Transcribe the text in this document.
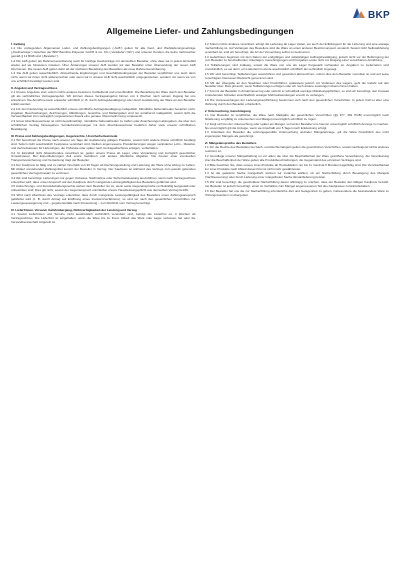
BKP
Allgemeine Liefer- und Zahlungsbedingungen
I. Geltung
1.1 Die vorliegenden Allgemeinen Liefer- und Zahlungsbedingungen („ALB“) gelten für alle Kauf- und Werklieferungsverträge („Kaufverträge“) zwischen der BKP Berolina Polyester GmbH & Co. KG („Verkäufer“/„Wir“) und unseren Kunden, die keine Verbraucher gemäß § 13 BGB sind („Besteller“).
1.2 Die ALB gelten als Rahmenvereinbarung auch für künftige Kaufverträge mit demselben Besteller, ohne dass wir in jedem Einzelfall wieder auf sie hinweisen müssten. Über Änderungen unserer ALB werden wir den Besteller unter Übersendung der neuen ALB informieren. Die neuen ALB gelten dann ab der nächsten Bestellung des Bestellers als neue Rahmenvereinbarung.
1.3 Die ALB gelten ausschließlich. Abweichende Ergänzungen und Geschäftsbedingungen der Besteller verpflichten uns auch dann nicht, wenn wir ihnen nicht widersprechen oder wenn wir in unserer ALB nicht ausdrücklich entgegenstehen, sondern nur wenn sie von uns schriftlich bestätigt worden sind.
II. Angebot und Vertragsschluss
2.1 Unsere Angebote sind, sofern nichts anderes bestimmt, freibleibend und unverbindlich. Die Bestellung der Ware durch den Besteller gilt als verbindliches Vertragsangebot. Wir können dieses Vertragsangebot binnen von 2 Wochen nach seinem Zugang bei uns annehmen. Die Annahme kann entweder schriftlich (z. B. durch Auftragsbestätigung) oder durch Auslieferung der Ware an den Besteller erklärt werden.
2.2 Für den Kaufvertrag ist ausschließlich unsere schriftliche Auftragsbestätigung maßgeblich. Mündliche Nebenabreden bestehen nicht. Angaben, Beschreibungen, Zeichnungen, Abbildungen, Gewichts- und Maßangaben sind nur annähernd maßgeblich, soweit nicht die Verwendbarkeit zum vertraglich vorgesehenen Zweck eine genaue Übereinstimmung voraussetzt.
2.3 Unser Abschlussvertreter ist nicht bevollmächtigt, mündliche Nebenabreden zu treffen oder Zusicherungen abzugeben, die über den schriftlichen Vertrag hinausgehen. Sonderbestimmungen mit dem Abschlussvertreter bedürfen daher stets unserer schriftlichen Bestätigung.
III. Preise und Zahlungsbedingungen, Gegenrechte, Unsicherheitseinrede
3.1 Wir berechnen die Preise nach unserer am Tage der Auslieferung gültigen Preisliste, soweit nicht andere Preise schriftlich bestätigt sind. Sofern nicht ausdrücklich Festpreise vereinbart sind, bleiben angemessene Preisänderungen wegen veränderter Lohn-, Material- und Vertriebskosten für Lieferungen, die 3 Monate oder später nach Vertragsabschluss erfolgen, vorbehalten.
3.2 Im Einzelfall nicht Abweichendes vereinbart ist, gelten unsere Preise ab Lager, ohne Verpackung und zuzüglich gesetzlicher Umsatzsteuer. Bei Exportlieferungen Zoll sowie Gebühren und andere öffentliche Abgaben. Die Kosten einer eventuellen Transportversicherung und Verpackung trägt der Besteller.
3.3 Der Kaufpreis ist fällig und zu zahlen innerhalb von 30 Tagen ab Rechnungsstellung und Lieferung der Ware ohne Abzug zu zahlen. Mit Ablauf vorstehender Zahlungsfrist kommt der Besteller in Verzug. Der Kaufpreis ist während des Verzugs zum jeweils geltenden gesetzlichen Verzugszinssatz zu verzinsen.
3.4 Wir sind berechtigt, Lieferungen nur gegen Vorkasse, Nachnahme oder Sicherheitsleistung auszuführen, wenn nach Vertragsschluss erkennbar wird, dass unser Anspruch auf den Kaufpreis durch mangelnde Leistungsfähigkeit des Bestellers gefährdet wird.
3.5 Aufrechnungs- und Zurückbehaltungsrechte stehen dem Besteller nur zu, wenn seine Gegenansprüche rechtskräftig festgestellt oder unbestritten sind. Dies gilt nicht, soweit der Gegenanspruch unmittelbar unsere Hauptleistungspflicht aus demselben Vertrag betrifft.
3.6 Wird nach Abschluss des Vertrags erkennbar, dass durch mangelnde Leistungsfähigkeit des Bestellers unser Zahlungsanspruch gefährdet wird (z. B. durch Antrag auf Eröffnung eines Insolvenzverfahrens), so sind wir nach den gesetzlichen Vorschriften zur Leistungsverweigerung und – gegebenenfalls nach Fristsetzung – zum Rücktritt vom Vertrag berechtigt.
IV. Lieferfristen, Versand, Gefahrübergang, Nichtverfügbarkeit der Leistung und Verzug
4.1 Soweit Lieferfristen und Termine nicht ausdrücklich verbindlich vereinbart sind, beträgt die Lieferfrist ca. 4 Wochen ab Vertragsschluss. Die Lieferfrist ist eingehalten, wenn die Ware bis zu ihrem Ablauf das Werk oder Lager verlassen hat oder die Versandbereitschaft mitgeteilt ist.
4.2 Sofern nichts anderes vereinbart, erfolgt die Lieferung ab Lager Velten, wo auch der Erfüllungsort für die Lieferung und eine etwaige Nacherfüllung ist. Auf Verlangen des Bestellers wird die Ware an einen anderen Bestimmungsort versandt. Soweit nicht Selbstabholung vereinbart ist, sind wir berechtigt, die Art der Versendung selbst zu bestimmen.
4.3 Lieferfristen beginnen mit dem Datum der endgültigen und vollständigen Auftragsbestätigung, jedoch nicht vor der Beibringung der vom Besteller zu beschaffenden Unterlagen, Genehmigungen und Freigaben sowie nicht vor Eingang einer vereinbarten Anzahlung.
4.4 Teillieferungen sind zulässig, soweit die Ware von uns als Lager freigestellt vorhanden ist. Angaben zu Lieferzeiten sind unverbindlich, es sei denn, ein Liefertermin wurde ausdrücklich schriftlich als verbindlich zugesagt.
4.5 Wir sind berechtigt, Teillieferungen auszuführen und gesondert abzurechnen, sofern dies dem Besteller zumutbar ist und auf seine berechtigten Interessen Rücksicht genommen wird.
4.6 Mit der Übergabe an den Spediteur oder Frachtführer, spätestens jedoch mit Verlassen des Lagers, geht die Gefahr auf den Besteller über. Dies gilt auch, wenn Teillieferungen erfolgen oder wir noch andere Leistungen übernommen haben.
4.7 Kommt der Besteller in Annahmeverzug oder verletzt er schuldhaft sonstige Mitwirkungspflichten, so sind wir berechtigt, den insoweit entstehenden Schaden einschließlich etwaiger Mehraufwendungen ersetzt zu verlangen.
4.8 Die Voraussetzungen der Lieferungsverpflichtung bestimmen sich nach den gesetzlichen Vorschriften. In jedem Fall ist aber eine Mahnung durch den Besteller erforderlich.
V. Untersuchung, Genehmigung
5.1 Der Besteller ist verpflichtet, die Ware nach Maßgabe der gesetzlichen Vorschriften (§§ 377, 381 HGB) unverzüglich nach Ablieferung sorgfältig zu untersuchen und Mängel unverzüglich schriftlich zu rügen.
5.2 Zeigt sich bei der Untersuchung oder später ein Mangel, so hat der Besteller uns hiervon unverzüglich schriftlich Anzeige zu machen. Als unverzüglich gilt die Anzeige, wenn sie innerhalb von 5 Tagen nach Entdeckung erfolgt.
5.3 Unterlässt der Besteller die ordnungsgemäße Untersuchung und/oder Mängelanzeige, gilt die Ware hinsichtlich des nicht angezeigten Mangels als genehmigt.
VI. Mängelansprüche des Bestellers
6.1 Für die Rechte des Bestellers bei Sach- und Rechtsmängeln gelten die gesetzlichen Vorschriften, soweit nachfolgend nichts anderes bestimmt ist.
6.2 Grundlage unserer Mängelhaftung ist vor allem die über die Beschaffenheit der Ware getroffene Vereinbarung. Als Vereinbarung über die Beschaffenheit der Ware gelten alle Produktbeschreibungen, die Gegenstand des einzelnen Vertrages sind.
6.3 Bitte beachten Sie, dass unsere Liner-Produkte ab Herstelldatum nur bis zu maximal 6 Monaten lagerfähig sind. Die Verarbeitbarkeit der Liner-Produkte nach Ablauf dieser Frist ist nicht mehr gewährleistet.
6.4 Ist die gelieferte Sache mangelhaft, können wir zunächst wählen, ob wir Nacherfüllung durch Beseitigung des Mangels (Nachbesserung) oder durch Lieferung einer mangelfreien Sache (Ersatzlieferung) leisten.
6.5 Wir sind berechtigt, die geschuldete Nacherfüllung davon abhängig zu machen, dass der Besteller den fälligen Kaufpreis bezahlt. Der Besteller ist jedoch berechtigt, einen im Verhältnis zum Mangel angemessenen Teil des Kaufpreises zurückzubehalten.
6.6 Der Besteller hat uns die zur Nacherfüllung erforderliche Zeit und Gelegenheit zu geben, insbesondere die beanstandete Ware zu Prüfungszwecken zu übergeben.
